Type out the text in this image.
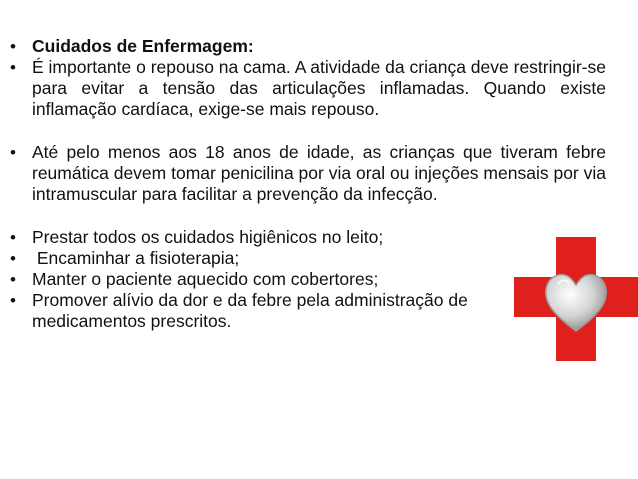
• Cuidados de Enfermagem:
• É importante o repouso na cama. A atividade da criança deve restringir-se para evitar a tensão das articulações inflamadas. Quando existe inflamação cardíaca, exige-se mais repouso.
• Até pelo menos aos 18 anos de idade, as crianças que tiveram febre reumática devem tomar penicilina por via oral ou injeções mensais por via intramuscular para facilitar a prevenção da infecção.
• Prestar todos os cuidados higiênicos no leito;
• Encaminhar a fisioterapia;
• Manter o paciente aquecido com cobertores;
• Promover alívio da dor e da febre pela administração de medicamentos prescritos.
